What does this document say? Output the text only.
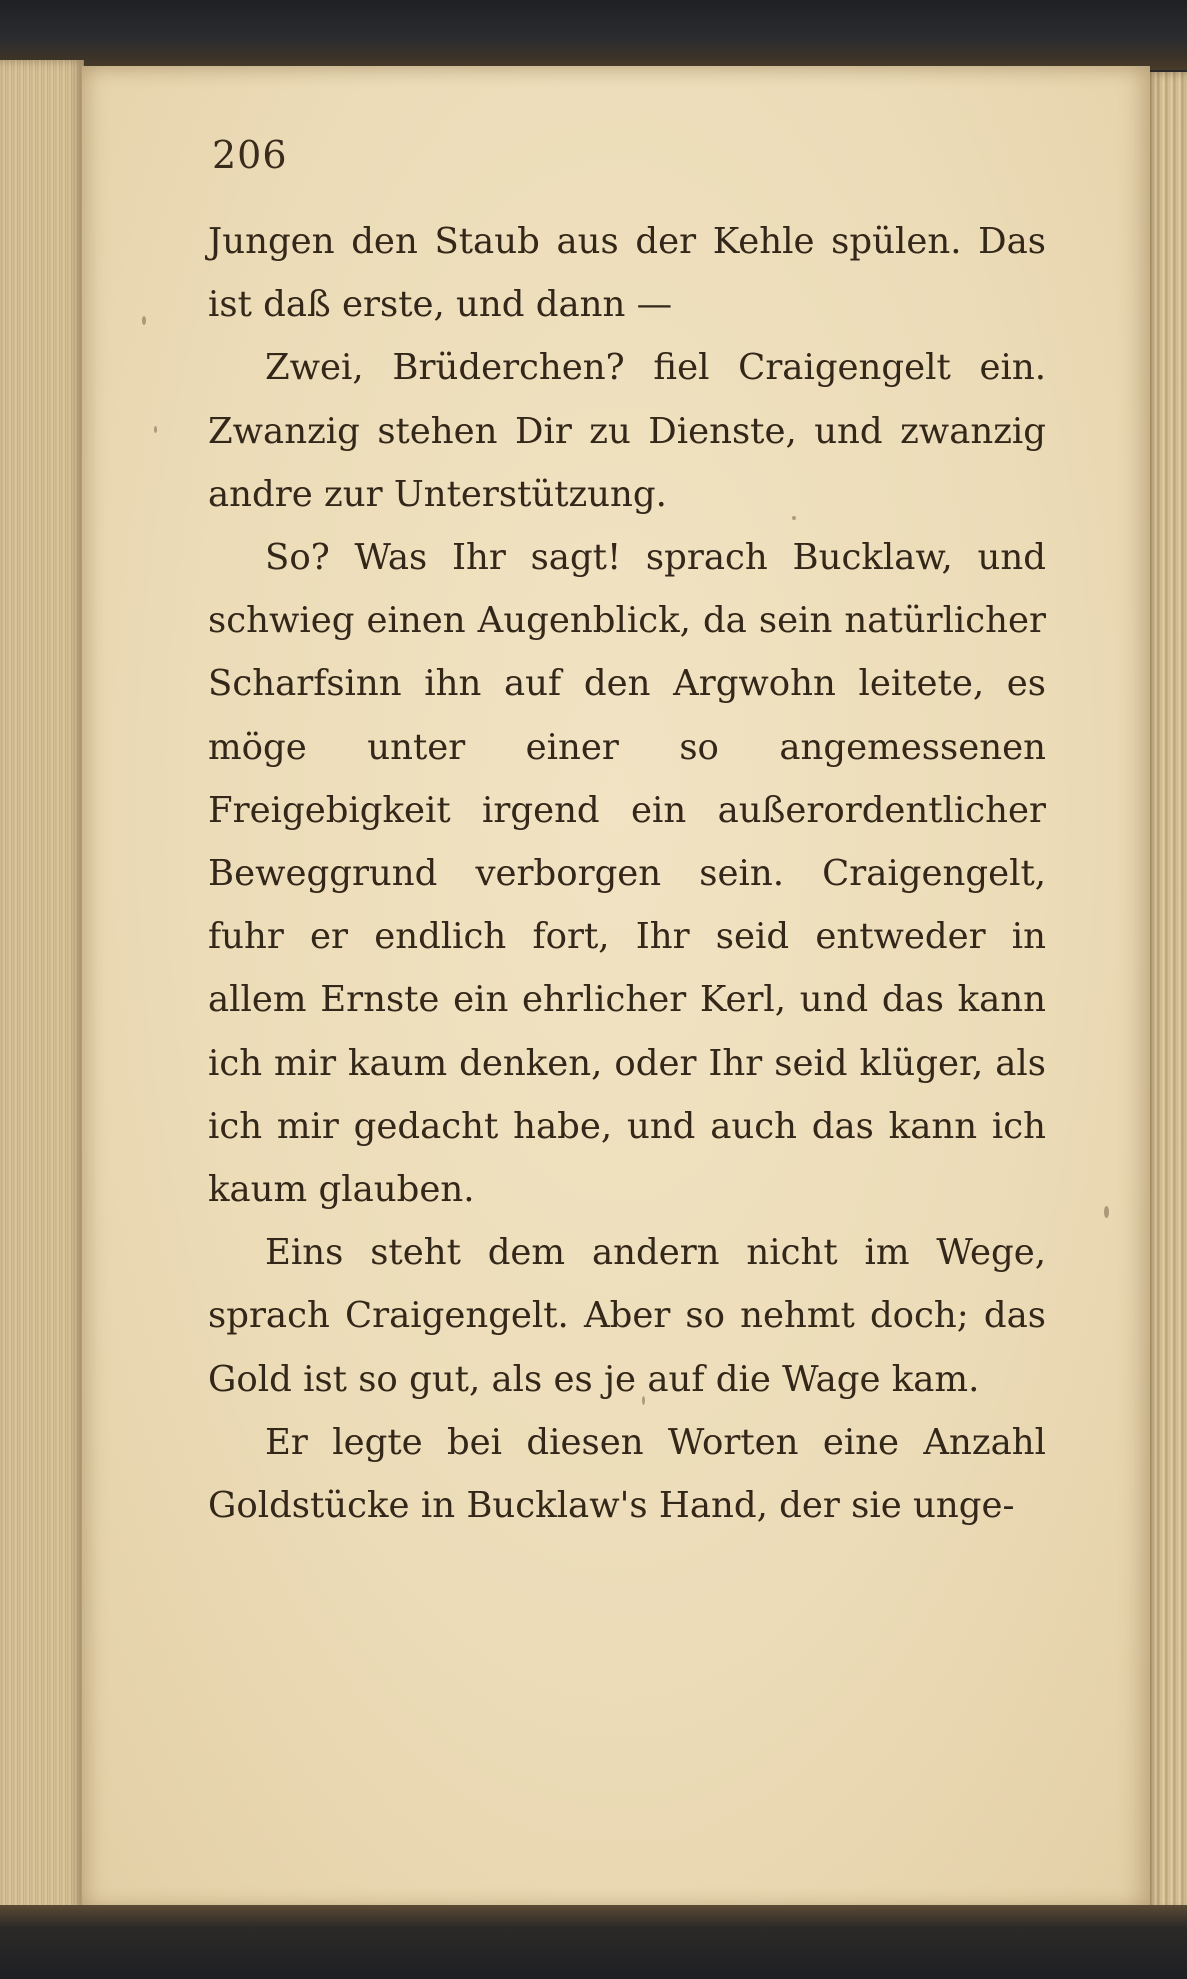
206

Jungen den Staub aus der Kehle spülen. Das ist daß erste, und dann —

Zwei, Brüderchen? fiel Craigengelt ein. Zwanzig stehen Dir zu Dienste, und zwanzig andre zur Unterstützung.

So? Was Ihr sagt! sprach Bucklaw, und schwieg einen Augenblick, da sein natürlicher Scharfsinn ihn auf den Argwohn leitete, es möge unter einer so angemessenen Freigebigkeit irgend ein außerordentlicher Beweggrund verborgen sein. Craigengelt, fuhr er endlich fort, Ihr seid entweder in allem Ernste ein ehrlicher Kerl, und das kann ich mir kaum denken, oder Ihr seid klüger, als ich mir gedacht habe, und auch das kann ich kaum glauben.

Eins steht dem andern nicht im Wege, sprach Craigengelt. Aber so nehmt doch; das Gold ist so gut, als es je auf die Wage kam.

Er legte bei diesen Worten eine Anzahl Goldstücke in Bucklaw's Hand, der sie unge-
